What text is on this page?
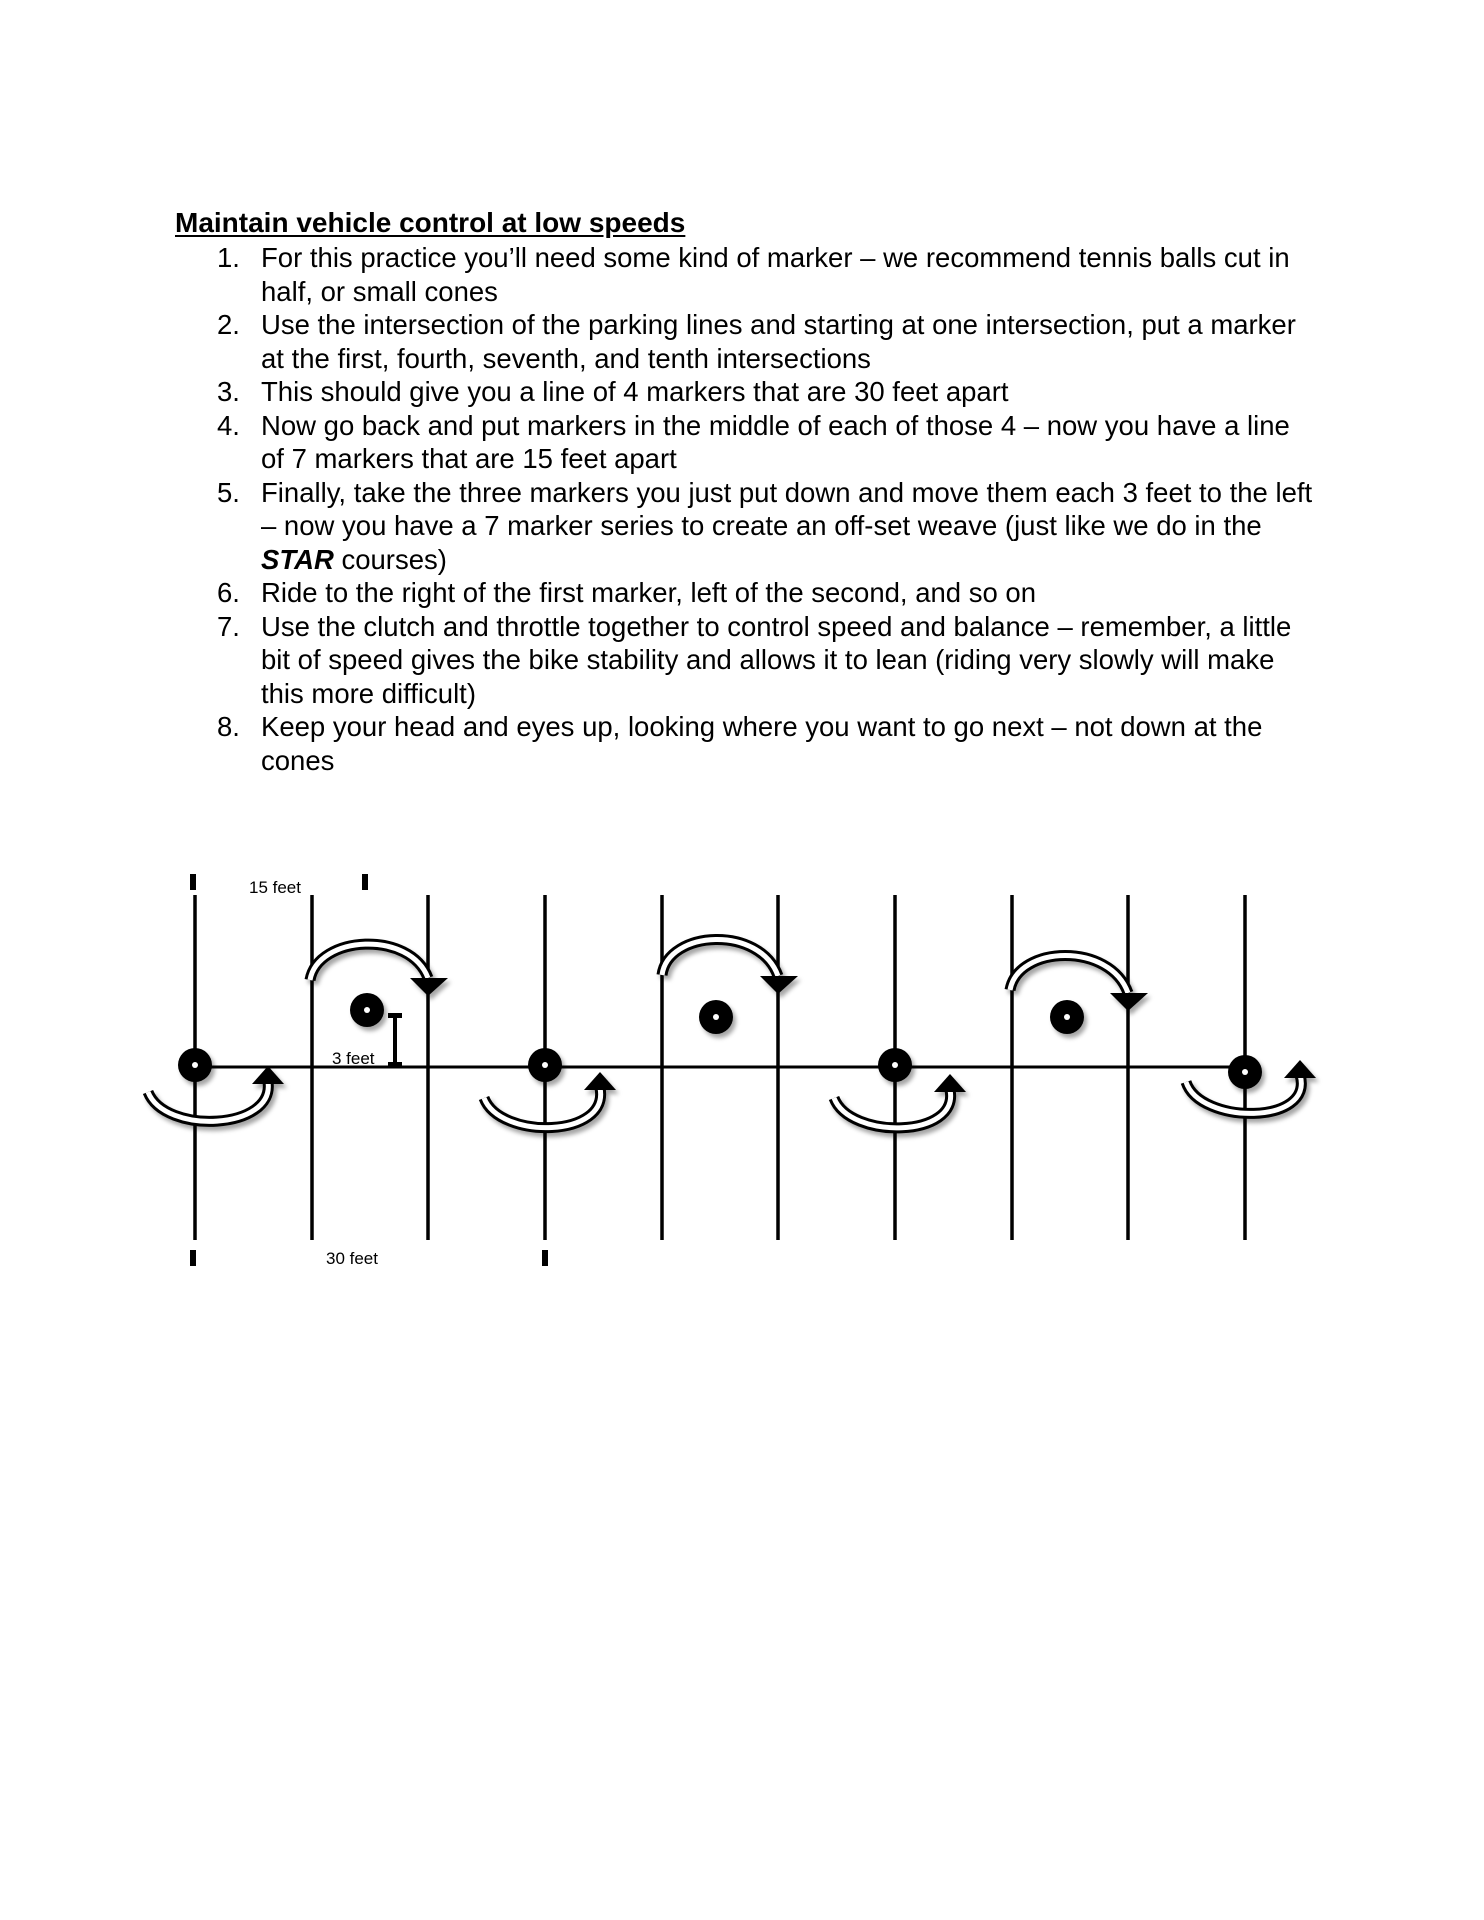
Maintain vehicle control at low speeds
1. For this practice you’ll need some kind of marker – we recommend tennis balls cut in half, or small cones
2. Use the intersection of the parking lines and starting at one intersection, put a marker at the first, fourth, seventh, and tenth intersections
3. This should give you a line of 4 markers that are 30 feet apart
4. Now go back and put markers in the middle of each of those 4 – now you have a line of 7 markers that are 15 feet apart
5. Finally, take the three markers you just put down and move them each 3 feet to the left – now you have a 7 marker series to create an off-set weave (just like we do in the STAR courses)
6. Ride to the right of the first marker, left of the second, and so on
7. Use the clutch and throttle together to control speed and balance – remember, a little bit of speed gives the bike stability and allows it to lean (riding very slowly will make this more difficult)
8. Keep your head and eyes up, looking where you want to go next – not down at the cones
15 feet
30 feet
3 feet
